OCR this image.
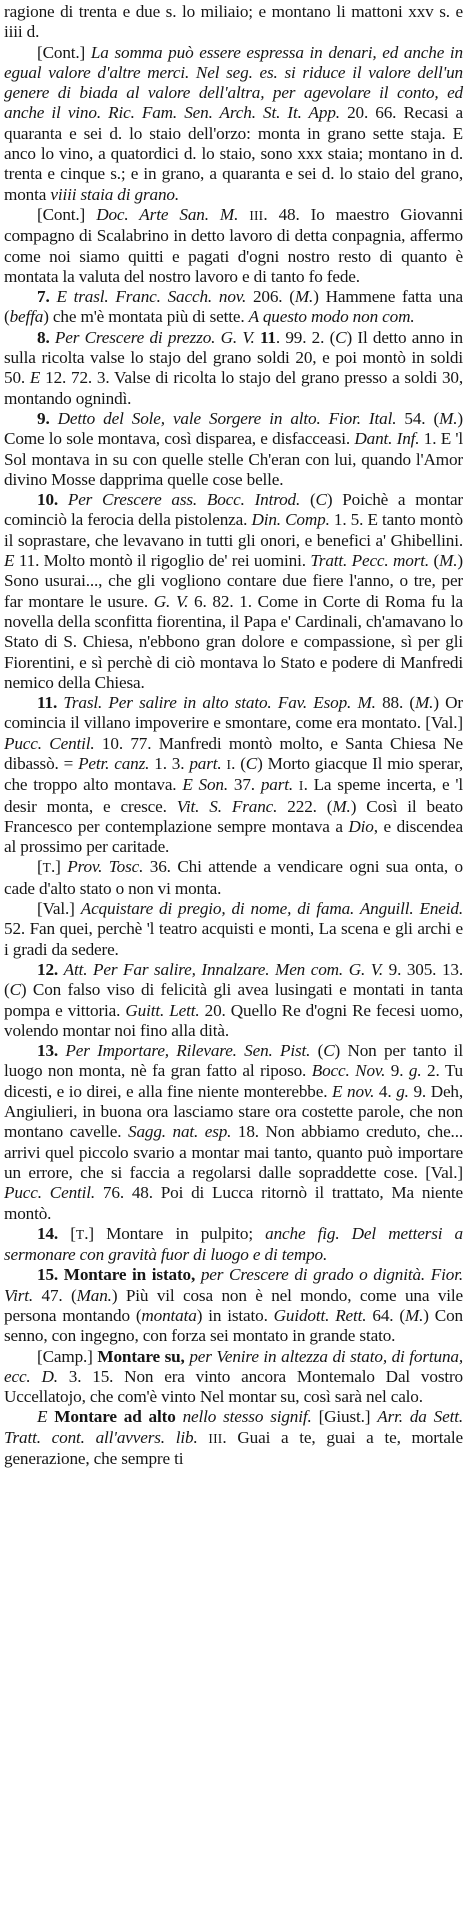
ragione di trenta e due s. lo miliaio; e montano li mattoni xxv s. e iiii d.

[Cont.] La somma può essere espressa in denari, ed anche in egual valore d'altre merci. Nel seg. es. si riduce il valore dell'un genere di biada al valore dell'altra, per agevolare il conto, ed anche il vino. Ric. Fam. Sen. Arch. St. It. App. 20. 66. Recasi a quaranta e sei d. lo staio dell'orzo: monta in grano sette staja. E anco lo vino, a quatordici d. lo staio, sono xxx staia; montano in d. trenta e cinque s.; e in grano, a quaranta e sei d. lo staio del grano, monta viiii staia di grano.

[Cont.] Doc. Arte San. M. III. 48. Io maestro Giovanni compagno di Scalabrino in detto lavoro di detta conpagnia, affermo come noi siamo quitti e pagati d'ogni nostro resto di quanto è montata la valuta del nostro lavoro e di tanto fo fede.

7. E trasl. Franc. Sacch. nov. 206. (M.) Hammene fatta una (beffa) che m'è montata più di sette. A questo modo non com.

8. Per Crescere di prezzo. G. V. 11. 99. 2. (C) Il detto anno in sulla ricolta valse lo stajo del grano soldi 20, e poi montò in soldi 50. E 12. 72. 3. Valse di ricolta lo stajo del grano presso a soldi 30, montando ognindì.

9. Detto del Sole, vale Sorgere in alto. Fior. Ital. 54. (M.) Come lo sole montava, così disparea, e disfacceasi. Dant. Inf. 1. E 'l Sol montava in su con quelle stelle Ch'eran con lui, quando l'Amor divino Mosse dapprima quelle cose belle.

10. Per Crescere ass. Bocc. Introd. (C) Poichè a montar cominciò la ferocia della pistolenza. Din. Comp. 1. 5. E tanto montò il soprastare, che levavano in tutti gli onori, e benefici a' Ghibellini. E 11. Molto montò il rigoglio de' rei uomini. Tratt. Pecc. mort. (M.) Sono usurai..., che gli vogliono contare due fiere l'anno, o tre, per far montare le usure. G. V. 6. 82. 1. Come in Corte di Roma fu la novella della sconfitta fiorentina, il Papa e' Cardinali, ch'amavano lo Stato di S. Chiesa, n'ebbono gran dolore e compassione, sì per gli Fiorentini, e sì perchè di ciò montava lo Stato e podere di Manfredi nemico della Chiesa.

11. Trasl. Per salire in alto stato. Fav. Esop. M. 88. (M.) Or comincia il villano impoverire e smontare, come era montato. [Val.] Pucc. Centil. 10. 77. Manfredi montò molto, e Santa Chiesa Ne dibassò. = Petr. canz. 1. 3. part. I. (C) Morto giacque Il mio sperar, che troppo alto montava. E Son. 37. part. I. La speme incerta, e 'l desir monta, e cresce. Vit. S. Franc. 222. (M.) Così il beato Francesco per contemplazione sempre montava a Dio, e discendea al prossimo per caritade.

[T.] Prov. Tosc. 36. Chi attende a vendicare ogni sua onta, o cade d'alto stato o non vi monta.

[Val.] Acquistare di pregio, di nome, di fama. Anguill. Eneid. 52. Fan quei, perchè 'l teatro acquisti e monti, La scena e gli archi e i gradi da sedere.

12. Att. Per Far salire, Innalzare. Men com. G. V. 9. 305. 13. (C) Con falso viso di felicità gli avea lusingati e montati in tanta pompa e vittoria. Guitt. Lett. 20. Quello Re d'ogni Re fecesi uomo, volendo montar noi fino alla dità.

13. Per Importare, Rilevare. Sen. Pist. (C) Non per tanto il luogo non monta, nè fa gran fatto al riposo. Bocc. Nov. 9. g. 2. Tu dicesti, e io direi, e alla fine niente monterebbe. E nov. 4. g. 9. Deh, Angiulieri, in buona ora lasciamo stare ora costette parole, che non montano cavelle. Sagg. nat. esp. 18. Non abbiamo creduto, che... arrivi quel piccolo svario a montar mai tanto, quanto può importare un errore, che si faccia a regolarsi dalle sopraddette cose. [Val.] Pucc. Centil. 76. 48. Poi di Lucca ritornò il trattato, Ma niente montò.

14. [T.] Montare in pulpito; anche fig. Del mettersi a sermonare con gravità fuor di luogo e di tempo.

15. Montare in istato, per Crescere di grado o dignità. Fior. Virt. 47. (Man.) Più vil cosa non è nel mondo, come una vile persona montando (montata) in istato. Guidott. Rett. 64. (M.) Con senno, con ingegno, con forza sei montato in grande stato.

[Camp.] Montare su, per Venire in altezza di stato, di fortuna, ecc. D. 3. 15. Non era vinto ancora Montemalo Dal vostro Uccellatojo, che com'è vinto Nel montar su, così sarà nel calo.

E Montare ad alto nello stesso signif. [Giust.] Arr. da Sett. Tratt. cont. all'avvers. lib. III. Guai a te, guai a te, mortale generazione, che sempre ti
